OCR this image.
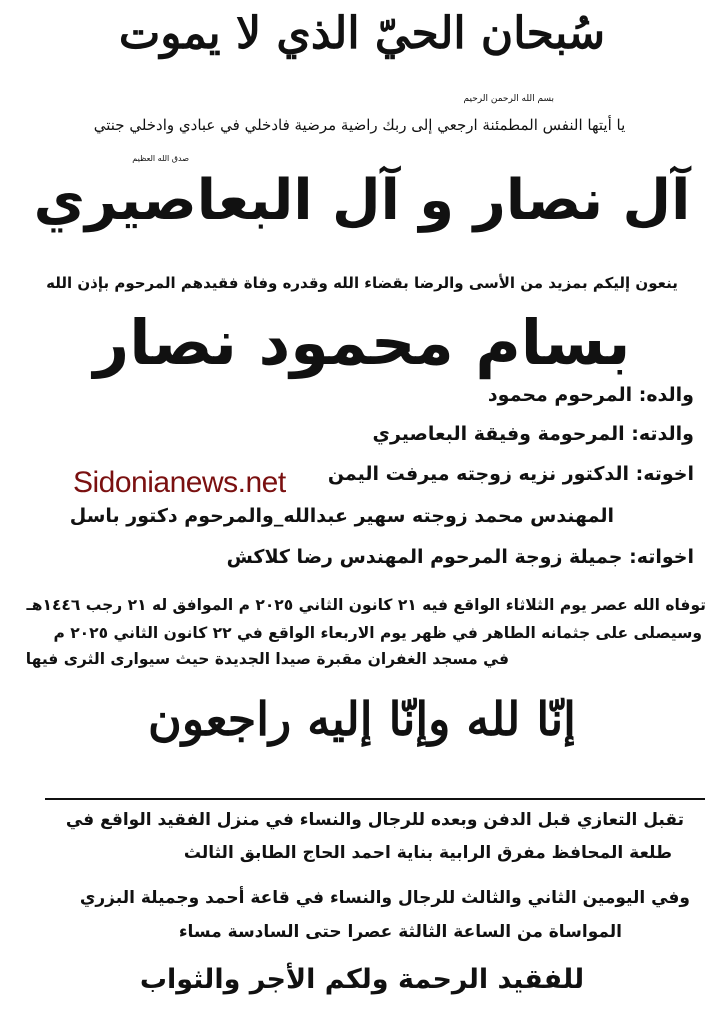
سُبحان الحيّ الذي لا يموت
بسم الله الرحمن الرحيم
يا أيتها النفس المطمئنة ارجعي إلى ربك راضية مرضية فادخلي في عبادي وادخلي جنتي
صدق الله العظيم
آل نصار و آل البعاصيري
ينعون إليكم بمزيد من الأسى والرضا بقضاء الله وقدره وفاة فقيدهم المرحوم بإذن الله
بسام محمود نصار
والده: المرحوم محمود
والدته: المرحومة وفيقة البعاصيري
اخوته: الدكتور نزيه زوجته ميرفت اليمن
المهندس محمد زوجته سهير عبدالله_والمرحوم دكتور باسل
اخواته: جميلة زوجة المرحوم المهندس رضا كلاكش
Sidonianews.net
توفاه الله عصر يوم الثلاثاء الواقع فيه ٢١ كانون الثاني ٢٠٢٥ م الموافق له ٢١ رجب ١٤٤٦هـ
وسيصلى على جثمانه الطاهر في ظهر يوم الاربعاء الواقع في ٢٢ كانون الثاني ٢٠٢٥ م
في مسجد الغفران مقبرة صيدا الجديدة حيث سيوارى الثرى فيها
إنّا لله وإنّا إليه راجعون
تقبل التعازي قبل الدفن وبعده للرجال والنساء في منزل الفقيد الواقع في
طلعة المحافظ مفرق الرابية بناية احمد الحاج الطابق الثالث
وفي اليومين الثاني والثالث للرجال والنساء في قاعة أحمد وجميلة البزري
المواساة من الساعة الثالثة عصرا حتى السادسة مساء
للفقيد الرحمة ولكم الأجر والثواب
